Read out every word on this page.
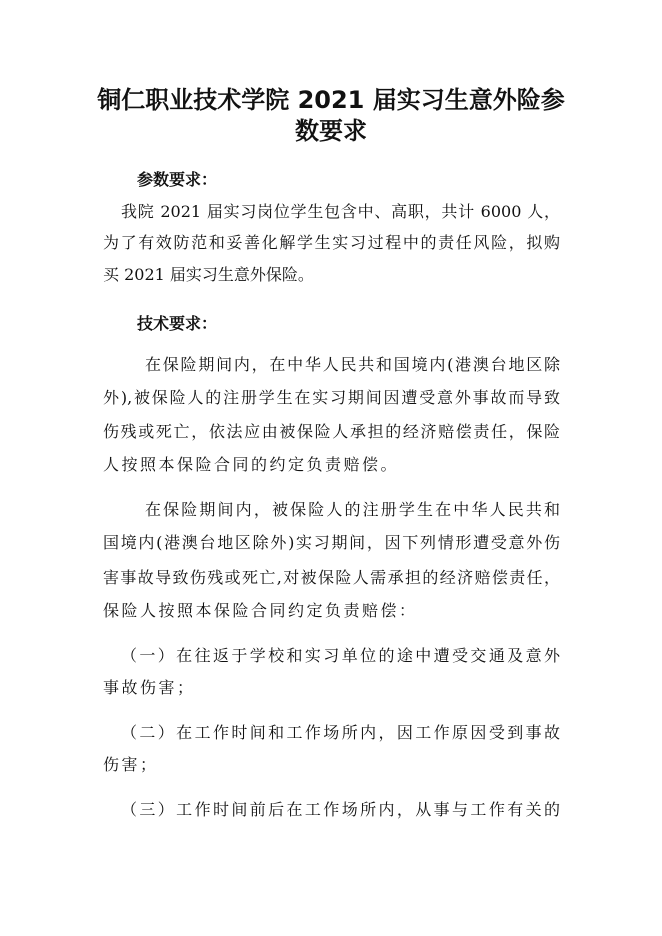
铜仁职业技术学院 2021 届实习生意外险参
数要求
参数要求：
我院 2021 届实习岗位学生包含中、高职，共计 6000 人，
为了有效防范和妥善化解学生实习过程中的责任风险，拟购
买 2021 届实习生意外保险。
技术要求：
在保险期间内，在中华人民共和国境内(港澳台地区除
外),被保险人的注册学生在实习期间因遭受意外事故而导致
伤残或死亡，依法应由被保险人承担的经济赔偿责任，保险
人按照本保险合同的约定负责赔偿。
在保险期间内，被保险人的注册学生在中华人民共和
国境内(港澳台地区除外)实习期间，因下列情形遭受意外伤
害事故导致伤残或死亡,对被保险人需承担的经济赔偿责任，
保险人按照本保险合同约定负责赔偿：
（一）在往返于学校和实习单位的途中遭受交通及意外
事故伤害；
（二）在工作时间和工作场所内，因工作原因受到事故
伤害；
（三）工作时间前后在工作场所内，从事与工作有关的
